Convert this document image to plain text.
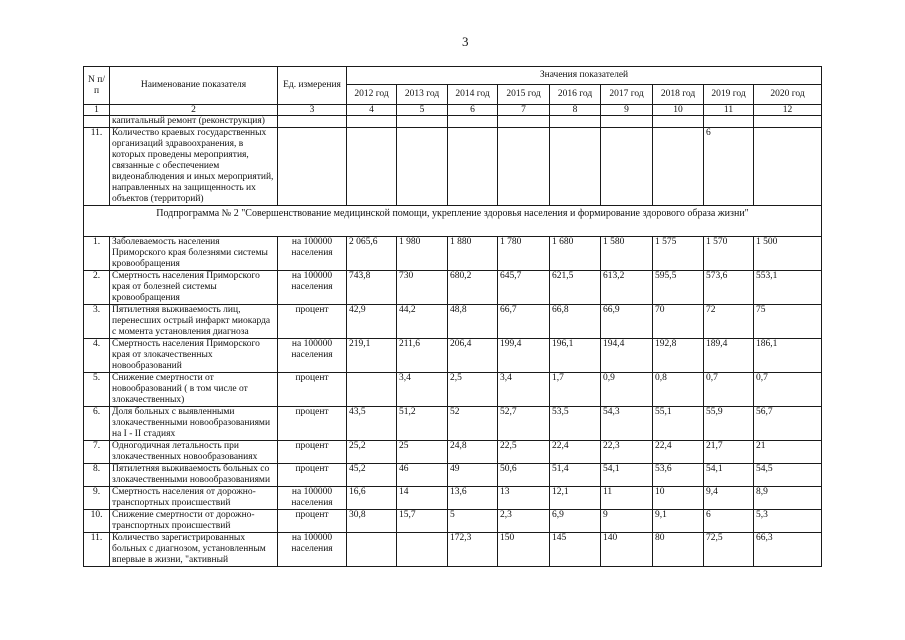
3
N п/п	Наименование показателя	Ед. измерения	Значения показателей								
			2012 год	2013 год	2014 год	2015 год	2016 год	2017 год	2018 год	2019 год	2020 год
1	2	3	4	5	6	7	8	9	10	11	12
	капитальный ремонт (реконструкция)										
11.	Количество краевых государственных организаций здравоохранения, в которых проведены мероприятия, связанные с обеспечением видеонаблюдения и иных мероприятий, направленных на защищенность их объектов (территорий)									6	
Подпрограмма № 2 "Совершенствование медицинской помощи, укрепление здоровья населения и формирование здорового образа жизни"											
1.	Заболеваемость населения Приморского края болезнями системы кровообращения	на 100000 населения	2 065,6	1 980	1 880	1 780	1 680	1 580	1 575	1 570	1 500
2.	Смертность населения Приморского края от болезней системы кровообращения	на 100000 населения	743,8	730	680,2	645,7	621,5	613,2	595,5	573,6	553,1
3.	Пятилетняя выживаемость лиц, перенесших острый инфаркт миокарда с момента установления диагноза	процент	42,9	44,2	48,8	66,7	66,8	66,9	70	72	75
4.	Смертность населения Приморского края от злокачественных новообразований	на 100000 населения	219,1	211,6	206,4	199,4	196,1	194,4	192,8	189,4	186,1
5.	Снижение смертности от новообразований ( в том числе от злокачественных)	процент		3,4	2,5	3,4	1,7	0,9	0,8	0,7	0,7
6.	Доля больных с выявленными злокачественными новообразованиями на I - II стадиях	процент	43,5	51,2	52	52,7	53,5	54,3	55,1	55,9	56,7
7.	Одногодичная летальность при злокачественных новообразованиях	процент	25,2	25	24,8	22,5	22,4	22,3	22,4	21,7	21
8.	Пятилетняя выживаемость больных со злокачественными новообразованиями	процент	45,2	46	49	50,6	51,4	54,1	53,6	54,1	54,5
9.	Смертность населения от дорожно-транспортных происшествий	на 100000 населения	16,6	14	13,6	13	12,1	11	10	9,4	8,9
10.	Снижение смертности от дорожно-транспортных происшествий	процент	30,8	15,7	5	2,3	6,9	9	9,1	6	5,3
11.	Количество зарегистрированных больных с диагнозом, установленным впервые в жизни, "активный	на 100000 населения			172,3	150	145	140	80	72,5	66,3
